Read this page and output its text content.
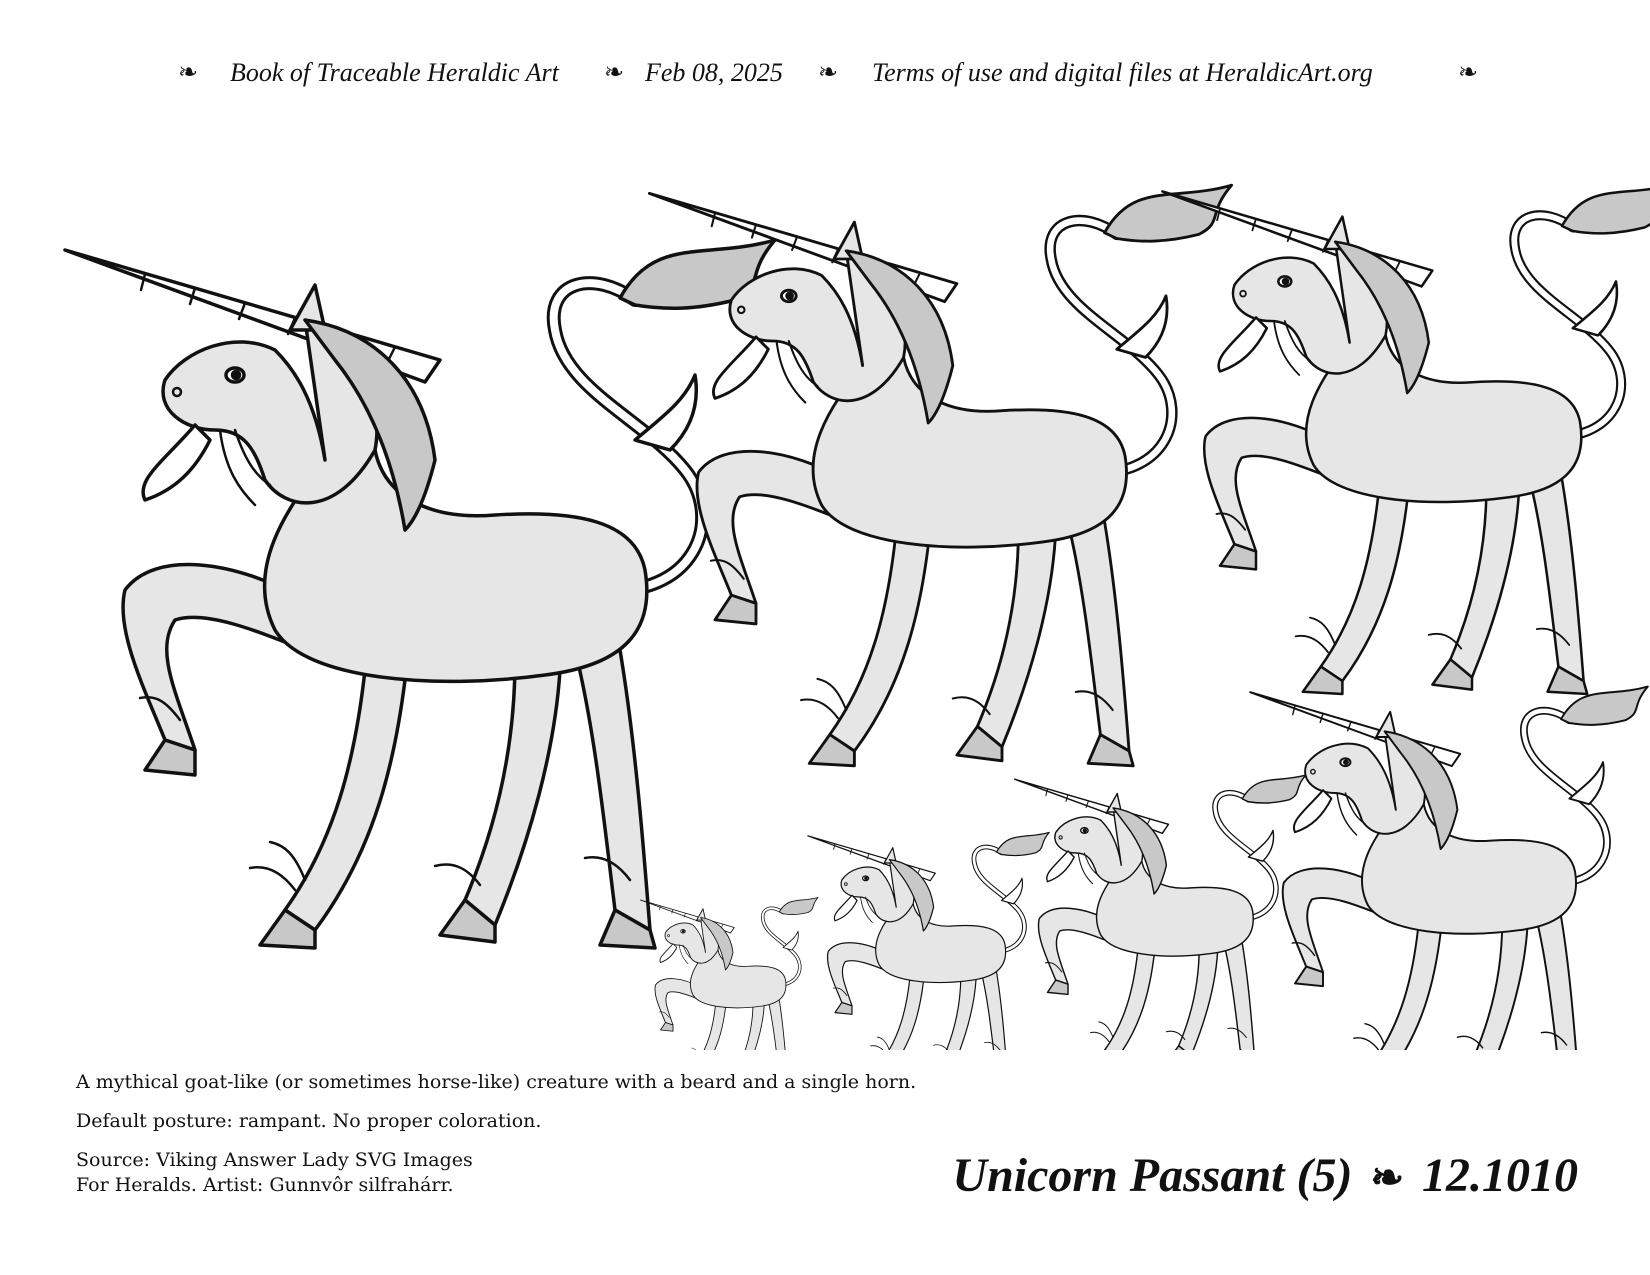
❧ Book of Traceable Heraldic Art ❧ Feb 08, 2025 ❧ Terms of use and digital files at HeraldicArt.org	❧
A mythical goat-like (or sometimes horse-like) creature with a beard and a single horn.
Default posture: rampant. No proper coloration.
Source: Viking Answer Lady SVG Images
For Heralds. Artist: Gunnvôr silfrahárr.	Unicorn Passant (5) ❧ 12.1010
